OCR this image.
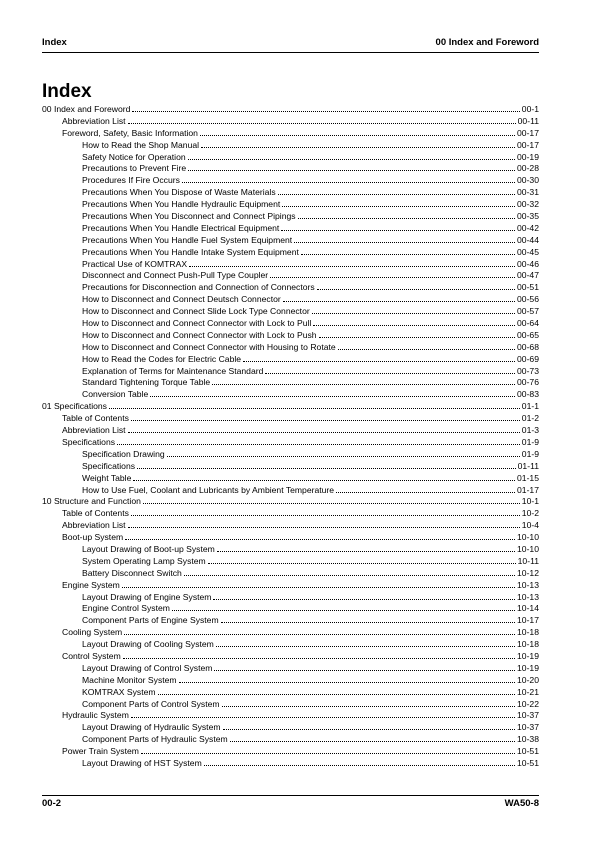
Index	00 Index and Foreword
Index
00 Index and Foreword	00-1
Abbreviation List	00-11
Foreword, Safety, Basic Information	00-17
How to Read the Shop Manual	00-17
Safety Notice for Operation	00-19
Precautions to Prevent Fire	00-28
Procedures If Fire Occurs	00-30
Precautions When You Dispose of Waste Materials	00-31
Precautions When You Handle Hydraulic Equipment	00-32
Precautions When You Disconnect and Connect Pipings	00-35
Precautions When You Handle Electrical Equipment	00-42
Precautions When You Handle Fuel System Equipment	00-44
Precautions When You Handle Intake System Equipment	00-45
Practical Use of KOMTRAX	00-46
Disconnect and Connect Push-Pull Type Coupler	00-47
Precautions for Disconnection and Connection of Connectors	00-51
How to Disconnect and Connect Deutsch Connector	00-56
How to Disconnect and Connect Slide Lock Type Connector	00-57
How to Disconnect and Connect Connector with Lock to Pull	00-64
How to Disconnect and Connect Connector with Lock to Push	00-65
How to Disconnect and Connect Connector with Housing to Rotate	00-68
How to Read the Codes for Electric Cable	00-69
Explanation of Terms for Maintenance Standard	00-73
Standard Tightening Torque Table	00-76
Conversion Table	00-83
01 Specifications	01-1
Table of Contents	01-2
Abbreviation List	01-3
Specifications	01-9
Specification Drawing	01-9
Specifications	01-11
Weight Table	01-15
How to Use Fuel, Coolant and Lubricants by Ambient Temperature	01-17
10 Structure and Function	10-1
Table of Contents	10-2
Abbreviation List	10-4
Boot-up System	10-10
Layout Drawing of Boot-up System	10-10
System Operating Lamp System	10-11
Battery Disconnect Switch	10-12
Engine System	10-13
Layout Drawing of Engine System	10-13
Engine Control System	10-14
Component Parts of Engine System	10-17
Cooling System	10-18
Layout Drawing of Cooling System	10-18
Control System	10-19
Layout Drawing of Control System	10-19
Machine Monitor System	10-20
KOMTRAX System	10-21
Component Parts of Control System	10-22
Hydraulic System	10-37
Layout Drawing of Hydraulic System	10-37
Component Parts of Hydraulic System	10-38
Power Train System	10-51
Layout Drawing of HST System	10-51
00-2	WA50-8
